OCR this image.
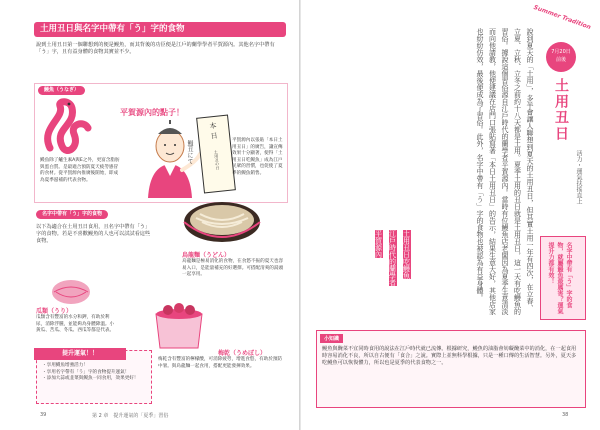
土用丑日與名字中帶有「う」字的食物
說到土用丑日第一個聯想到的便是鰻魚，而其背後的功臣便是江戶的蘭學學者平賀源內。其他名字中帶有「う」字，且有益身體的食物其實並不少。
鰻魚（うなぎ）
鰻魚除了鱸生素A與E之外，更富含脂肪與蛋白質。是最適合預防夏天疲勞感冒的食材。從平賀源內推廣後開始，即成為夏季滋補的代表食物。
平賀源內的點子！
本
日
土用丑の日
鰻丑にて	平賀源內以張貼「本日土用丑日」的廣告，讓宣傳效果十分顯著，使得「土用丑日吃鰻魚」成為江戶民眾的習慣，也促使了夏季的鰻魚銷售。
名字中帶有「う」字的食物
以下為適合在土用丑日食用，且名字中帶有「う」字的食物。若是不喜歡鰻魚的人也可以試試看這些食物。
烏龍麵（うどん）
烏龍麵是極易消化的食物，在食慾不振的夏天也容易入口，是能量補充的好選擇。可搭配清爽的湯頭一起享用。
瓜類（うり）
瓜類含有豐富的水分和鉀，有助於利尿，消除浮腫，並能夠為身體降溫。小黃瓜、苦瓜、冬瓜、西瓜等都是代表。
梅乾（うめぼし）
梅乾含有豐富的檸檬酸，可消除疲勞，增進食慾，有助於預防中暑。與烏龍麵一起食用，搭配更能發揮效果。
提升運氣！！
・享用鰻魚增強活力！
・享用名字帶有「う」字的食物提升運氣！
・添加大蒜或韭菜與鰻魚一同食用，效果更好！
39	第 2 章　提升運氣的「夏季」習俗
Summer Tradition
說到夏天的「土用」，多半會讓人聯想到夏天的土用丑日，但其實土用一年有四次，在立春、立夏、立秋、立冬之前約十八天都是土用。夏季土用的丑日就是土用丑日，這一天有吃鰻魚的習俗。據說這個習俗源自江戶時代的蘭學者平賀源內。當時有位鰻魚店老闆因為夏季生意清淡而向他請教，他便建議在店門口張貼寫著「本日土用丑日」的告示，結果生意大好，其他店家也紛紛仿效，最後便成為了習俗。此外，名字中帶有「う」字的食物也被認為有益身體。
土用丑日吃鰻魚
江戶時代的蘭學者
平賀源內
7月20日
前後
土用丑日
活力・運氣扶搖直上
名字中帶有「う」字的食物，就屬鰻魚最厲害？運氣提升力都有效！
小知識
鰻魚與醃菜不宜同時食用的說法在江戶時代就已流傳。根據研究，鰻魚的油脂會妨礙醃菜中的消化，在一起食用時容易消化不良，所以自古便有「食合」之說。實際上並無科學根據，只是一種口傳的生活智慧。另外，夏天多吃鰻魚可以恢復體力，所以也是夏季的代表食物之一。
38
